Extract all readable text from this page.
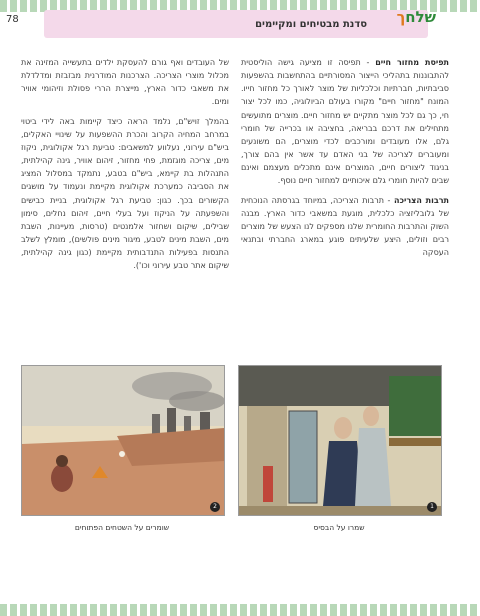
78	סדנת מבטיחים ומקיימים	שלחך

תפיסת מחזור חיים - תפיסה זו מציעה גישה הוליסטית להתבוננות בתהליכי הייצור המסורתיים בהתחשבות בהשפעות סביבתיות, חברתיות וכלכליות של מוצר לאורך כל מחזור חייו. המונח "מחזור חיים" מקורו בעולם הביולוגיה, כמו לכל יצור חי, כך גם לכל מוצר מתקיים יש מחזור חיים. מוצרים מתועשים מתחילים את דרכם בבריאה, בחציבה או בכרייה של חומרי גלם, אלו מעובדים ומורכבים לכדי מוצרים, הם משונעים ומעוברים לצריכה של בני האדם עד אשר אין בהם צורך, בניגוד ליצורים חיים, המוצרים אינם מתכלים מעצמם ואינם שבים להיות חומרי גלם איכותיים למחזור חיים נוסף.

תרבות הצריכה - תרבות הצריכה, במיוחד בגרסתה הנוכחית של גלובליזציה כלכלית, מוגעת במשאבי כדור הארץ. מבנה השוק והתרבות החומרית שלנו מספקים לנו הצעש של מוצרים רבים וזולים, היצע שלעיתים פוגע במארג החברתי ובתנאי העסקה

של העובדים ואף גורם להעסקת ילדים בתעשייה המזינה את מכלול מוצרי הצריכה. הצרכנות המודרנית מבזבזת ומדלדלת את משאבי כדור הארץ, מייצרת הררי פסולת וזיהומי אוויר ומים.

בהמלך זויש"ם, נלמד הראה כיצד קיימות באה לידי ביטוי במרחב המחיה הקרוב והכרת ההשפעות על שינויי האקלים, ביש"ם עירוני, נעלווע למשאבים: טביעת רגל אקולוגית, ניקוז מים, צריכה מוגזמת, פחי מחזור, זיהום אוויר, גינה קהילתית, התנהלות בת קיימא, ביש"ם בטבע, נתמקד במסלול המציג את הסביבה כמערכת אקולוגית מקיימת ונעמוד על מושגים הקשורים בכך. כגון: טביעת רגל אקולוגית, בניית כבישים והשפעתה על הניקוז ועל בעלי חיים, זיהום נחלים, סימון שבילים, שיקום ושחזור אלמנטים (טרסות, מעיינות, השבת מים, השבת מינים לטבע, מיגור מינים פולשים), מומלץ לשלב התנסות בפעילות התנדבותית מקיימת (כגון גינה קהילתית, שיקום אתר טבע עירוני וכו').

1
2
שמרו על הבסיס
שומרים על השטחים הפתוחים
